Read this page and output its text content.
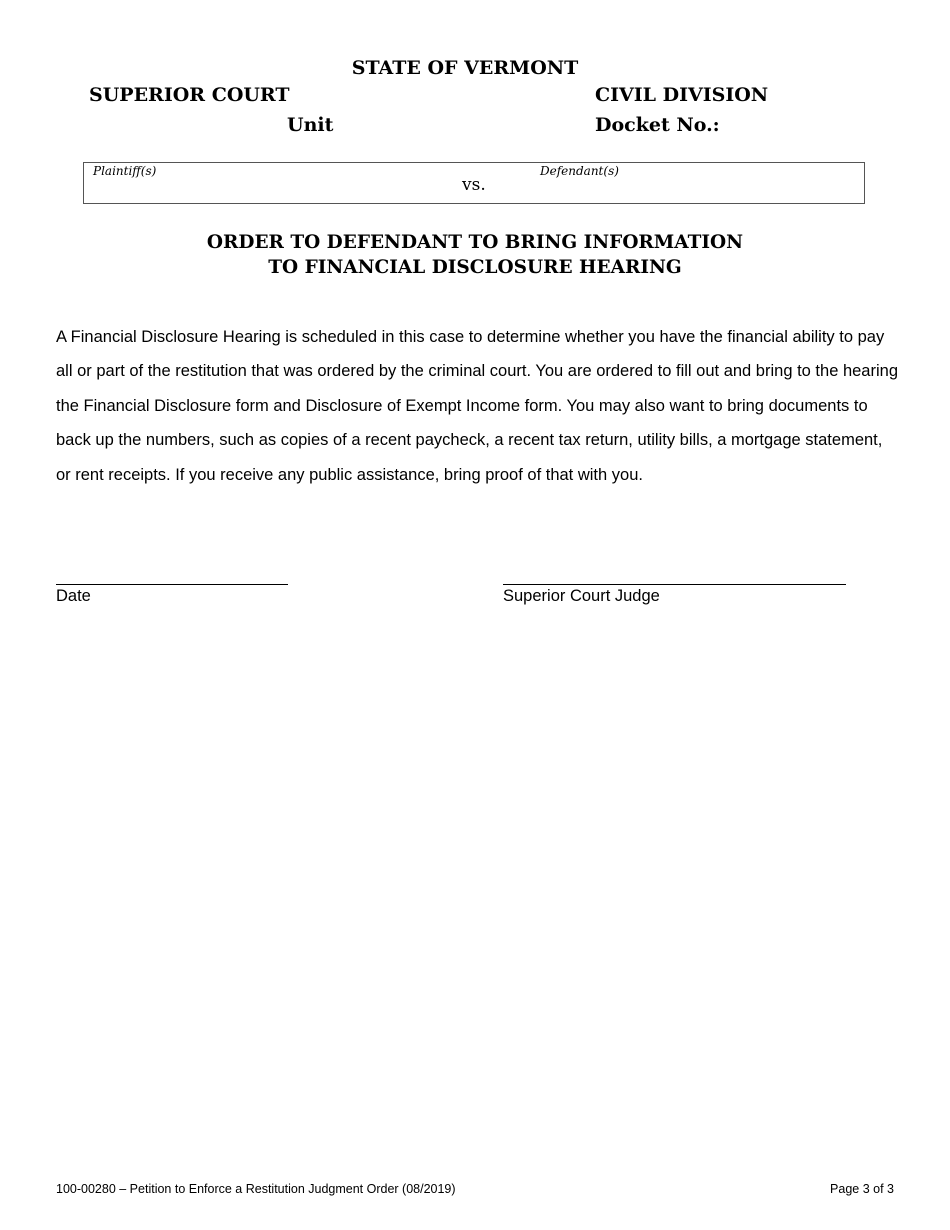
STATE OF VERMONT
SUPERIOR COURT
Unit
CIVIL DIVISION
Docket No.:
Plaintiff(s)
vs.
Defendant(s)
ORDER TO DEFENDANT TO BRING INFORMATION
TO FINANCIAL DISCLOSURE HEARING
A Financial Disclosure Hearing is scheduled in this case to determine whether you have the financial ability to pay all or part of the restitution that was ordered by the criminal court. You are ordered to fill out and bring to the hearing the Financial Disclosure form and Disclosure of Exempt Income form. You may also want to bring documents to back up the numbers, such as copies of a recent paycheck, a recent tax return, utility bills, a mortgage statement, or rent receipts. If you receive any public assistance, bring proof of that with you.
Date	Superior Court Judge
100-00280 – Petition to Enforce a Restitution Judgment Order (08/2019)	Page 3 of 3
